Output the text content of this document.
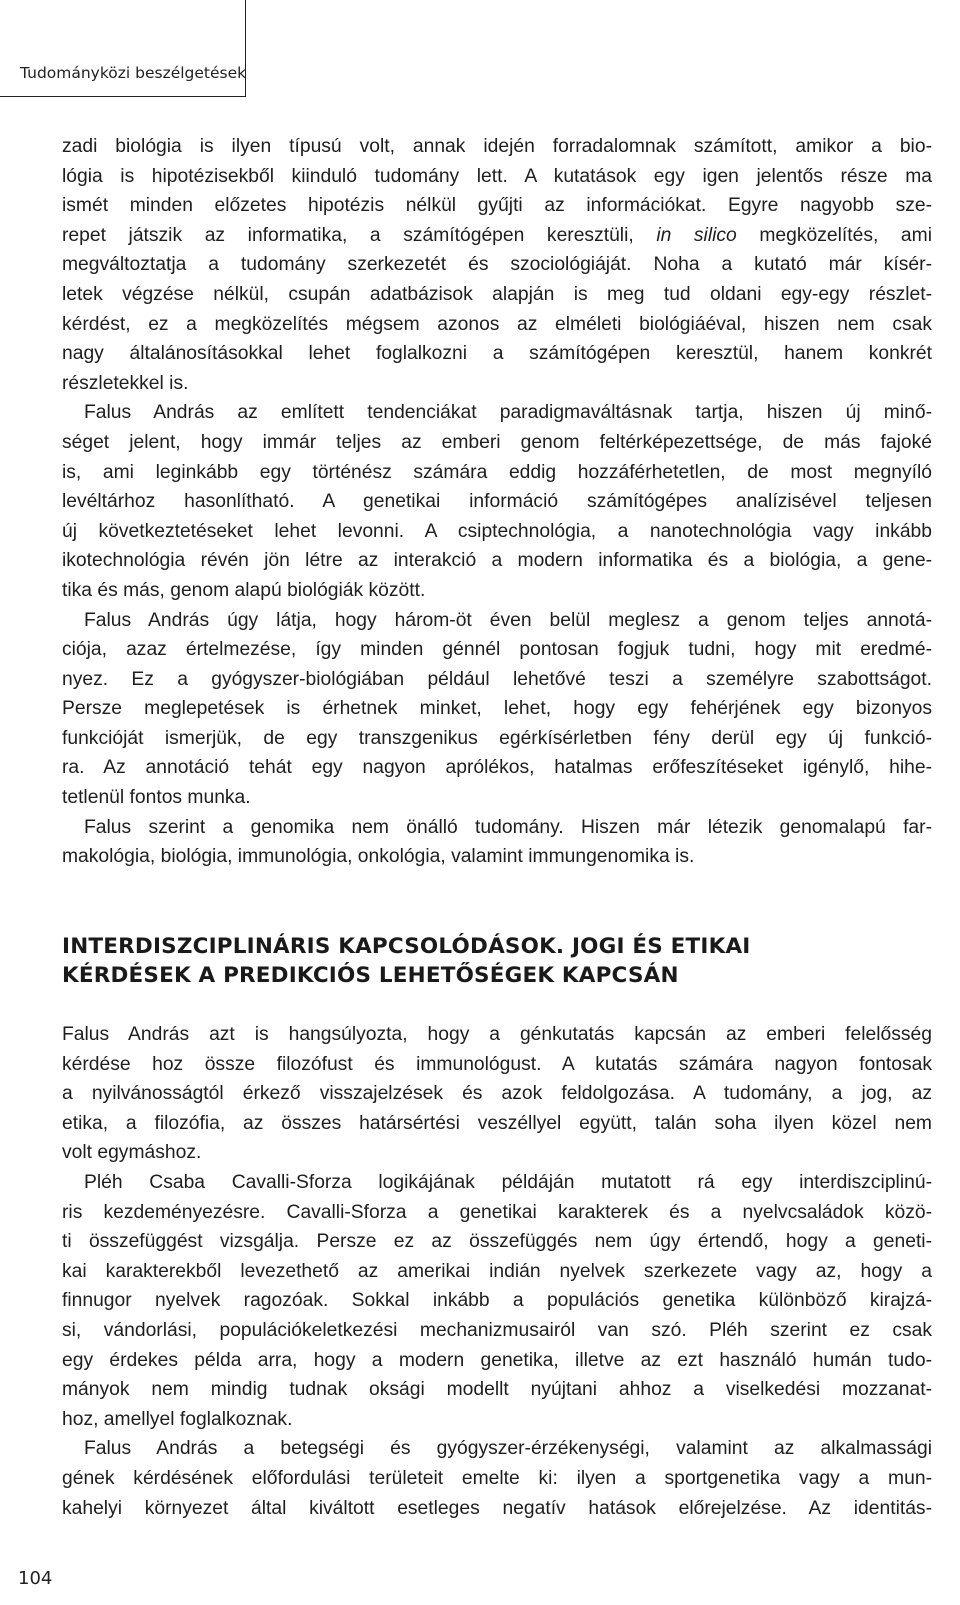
Tudományközi beszélgetések
zadi biológia is ilyen típusú volt, annak idején forradalomnak számított, amikor a bio-
lógia is hipotézisekből kiinduló tudomány lett. A kutatások egy igen jelentős része ma
ismét minden előzetes hipotézis nélkül gyűjti az információkat. Egyre nagyobb sze-
repet játszik az informatika, a számítógépen keresztüli, in silico megközelítés, ami
megváltoztatja a tudomány szerkezetét és szociológiáját. Noha a kutató már kísér-
letek végzése nélkül, csupán adatbázisok alapján is meg tud oldani egy-egy részlet-
kérdést, ez a megközelítés mégsem azonos az elméleti biológiáéval, hiszen nem csak
nagy általánosításokkal lehet foglalkozni a számítógépen keresztül, hanem konkrét
részletekkel is.
Falus András az említett tendenciákat paradigmaváltásnak tartja, hiszen új minő-
séget jelent, hogy immár teljes az emberi genom feltérképezettsége, de más fajoké
is, ami leginkább egy történész számára eddig hozzáférhetetlen, de most megnyíló
levéltárhoz hasonlítható. A genetikai információ számítógépes analízisével teljesen
új következtetéseket lehet levonni. A csiptechnológia, a nanotechnológia vagy inkább
ikotechnológia révén jön létre az interakció a modern informatika és a biológia, a gene-
tika és más, genom alapú biológiák között.
Falus András úgy látja, hogy három-öt éven belül meglesz a genom teljes annotá-
ciója, azaz értelmezése, így minden génnél pontosan fogjuk tudni, hogy mit eredmé-
nyez. Ez a gyógyszer-biológiában például lehetővé teszi a személyre szabottságot.
Persze meglepetések is érhetnek minket, lehet, hogy egy fehérjének egy bizonyos
funkcióját ismerjük, de egy transzgenikus egérkísérletben fény derül egy új funkció-
ra. Az annotáció tehát egy nagyon aprólékos, hatalmas erőfeszítéseket igénylő, hihe-
tetlenül fontos munka.
Falus szerint a genomika nem önálló tudomány. Hiszen már létezik genomalapú far-
makológia, biológia, immunológia, onkológia, valamint immungenomika is.
INTERDISZCIPLINÁRIS KAPCSOLÓDÁSOK. JOGI ÉS ETIKAI
KÉRDÉSEK A PREDIKCIÓS LEHETŐSÉGEK KAPCSÁN
Falus András azt is hangsúlyozta, hogy a génkutatás kapcsán az emberi felelősség
kérdése hoz össze filozófust és immunológust. A kutatás számára nagyon fontosak
a nyilvánosságtól érkező visszajelzések és azok feldolgozása. A tudomány, a jog, az
etika, a filozófia, az összes határsértési veszéllyel együtt, talán soha ilyen közel nem
volt egymáshoz.
Pléh Csaba Cavalli-Sforza logikájának példáján mutatott rá egy interdiszciplinú-
ris kezdeményezésre. Cavalli-Sforza a genetikai karakterek és a nyelvcsaládok közö-
ti összefüggést vizsgálja. Persze ez az összefüggés nem úgy értendő, hogy a geneti-
kai karakterekből levezethető az amerikai indián nyelvek szerkezete vagy az, hogy a
finnugor nyelvek ragozóak. Sokkal inkább a populációs genetika különböző kirajzá-
si, vándorlási, populációkeletkezési mechanizmusairól van szó. Pléh szerint ez csak
egy érdekes példa arra, hogy a modern genetika, illetve az ezt használó humán tudo-
mányok nem mindig tudnak oksági modellt nyújtani ahhoz a viselkedési mozzanat-
hoz, amellyel foglalkoznak.
Falus András a betegségi és gyógyszer-érzékenységi, valamint az alkalmassági
gének kérdésének előfordulási területeit emelte ki: ilyen a sportgenetika vagy a mun-
kahelyi környezet által kiváltott esetleges negatív hatások előrejelzése. Az identitás-
104
